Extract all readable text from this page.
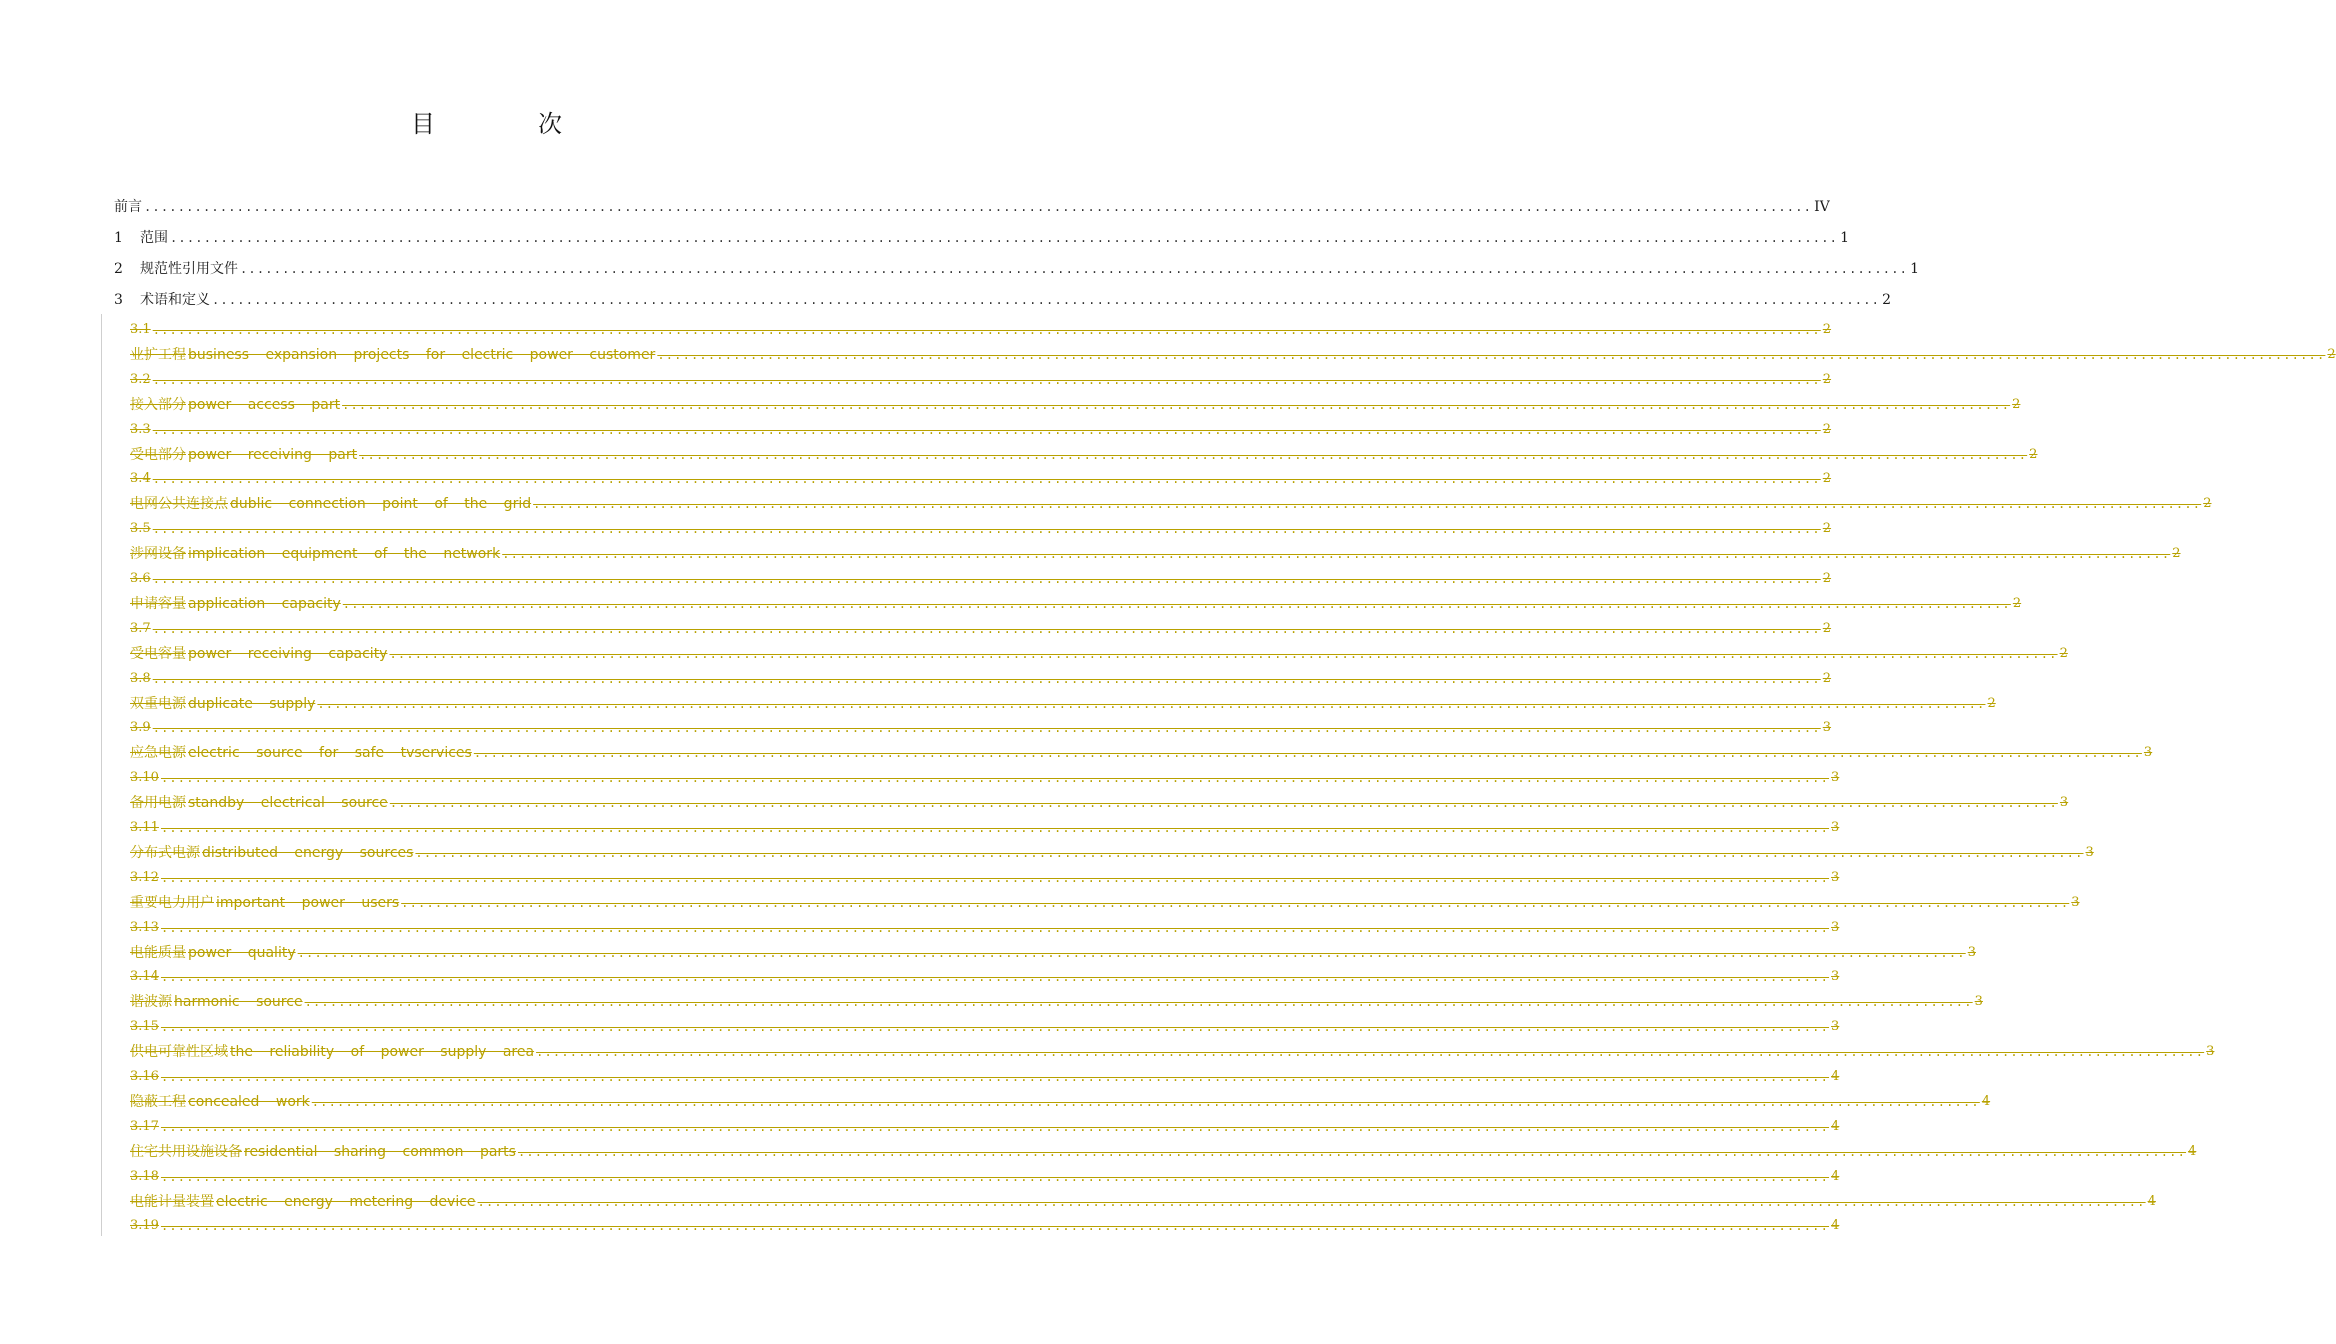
目	次
前言 ...................................................................................................................................................................................................... IV
1	范围 ...................................................................................................................................................................................................... 1
2	规范性引用文件 ...................................................................................................................................................................................................... 1
3	术语和定义 ...................................................................................................................................................................................................... 2
3.1 ...................................................................................................................................................................................................... 2
业扩工程 business expansion projects for electric power customer ...................................................................................................................................................................................................... 2
3.2 ...................................................................................................................................................................................................... 2
接入部分 power access part ...................................................................................................................................................................................................... 2
3.3 ...................................................................................................................................................................................................... 2
受电部分 power receiving part ...................................................................................................................................................................................................... 2
3.4 ...................................................................................................................................................................................................... 2
电网公共连接点 dublic connection point of the grid ...................................................................................................................................................................................................... 2
3.5 ...................................................................................................................................................................................................... 2
涉网设备 implication equipment of the network ...................................................................................................................................................................................................... 2
3.6 ...................................................................................................................................................................................................... 2
申请容量 application capacity ...................................................................................................................................................................................................... 2
3.7 ...................................................................................................................................................................................................... 2
受电容量 power receiving capacity ...................................................................................................................................................................................................... 2
3.8 ...................................................................................................................................................................................................... 2
双重电源 duplicate supply ...................................................................................................................................................................................................... 2
3.9 ...................................................................................................................................................................................................... 3
应急电源 electric source for safe tvservices ...................................................................................................................................................................................................... 3
3.10 ...................................................................................................................................................................................................... 3
备用电源 standby electrical source ...................................................................................................................................................................................................... 3
3.11 ...................................................................................................................................................................................................... 3
分布式电源 distributed energy sources ...................................................................................................................................................................................................... 3
3.12 ...................................................................................................................................................................................................... 3
重要电力用户 important power users ...................................................................................................................................................................................................... 3
3.13 ...................................................................................................................................................................................................... 3
电能质量 power quality ...................................................................................................................................................................................................... 3
3.14 ...................................................................................................................................................................................................... 3
谐波源 harmonic source ...................................................................................................................................................................................................... 3
3.15 ...................................................................................................................................................................................................... 3
供电可靠性区域 the reliability of power supply area ...................................................................................................................................................................................................... 3
3.16 ...................................................................................................................................................................................................... 4
隐蔽工程 concealed work ...................................................................................................................................................................................................... 4
3.17 ...................................................................................................................................................................................................... 4
住宅共用设施设备 residential sharing common parts ...................................................................................................................................................................................................... 4
3.18 ...................................................................................................................................................................................................... 4
电能计量装置 electric energy metering device ...................................................................................................................................................................................................... 4
3.19 ...................................................................................................................................................................................................... 4
